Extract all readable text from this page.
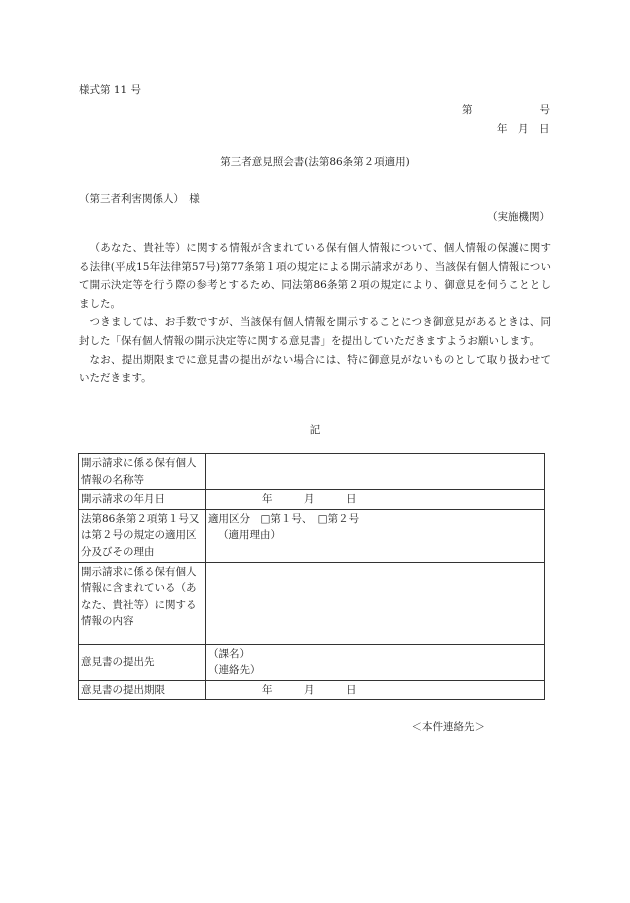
様式第 11 号
第	号
年　月　日
第三者意見照会書(法第86条第２項適用)
（第三者利害関係人）　様
（実施機関）

（あなた、貴社等）に関する情報が含まれている保有個人情報について、個人情報の保護に関する法律(平成15年法律第57号)第77条第１項の規定による開示請求があり、当該保有個人情報について開示決定等を行う際の参考とするため、同法第86条第２項の規定により、御意見を伺うこととしました。

つきましては、お手数ですが、当該保有個人情報を開示することにつき御意見があるときは、同封した「保有個人情報の開示決定等に関する意見書」を提出していただきますようお願いします。

なお、提出期限までに意見書の提出がない場合には、特に御意見がないものとして取り扱わせていただきます。

記
開示請求に係る保有個人情報の名称等	
開示請求の年月日	年　　　月　　　日
法第86条第２項第１号又は第２号の規定の適用区分及びその理由	適用区分　□第１号、　□第２号
（適用理由）

開示請求に係る保有個人情報に含まれている（あなた、貴社等）に関する情報の内容	
意見書の提出先	（課名）
（連絡先）

意見書の提出期限	年　　　月　　　日
＜本件連絡先＞
